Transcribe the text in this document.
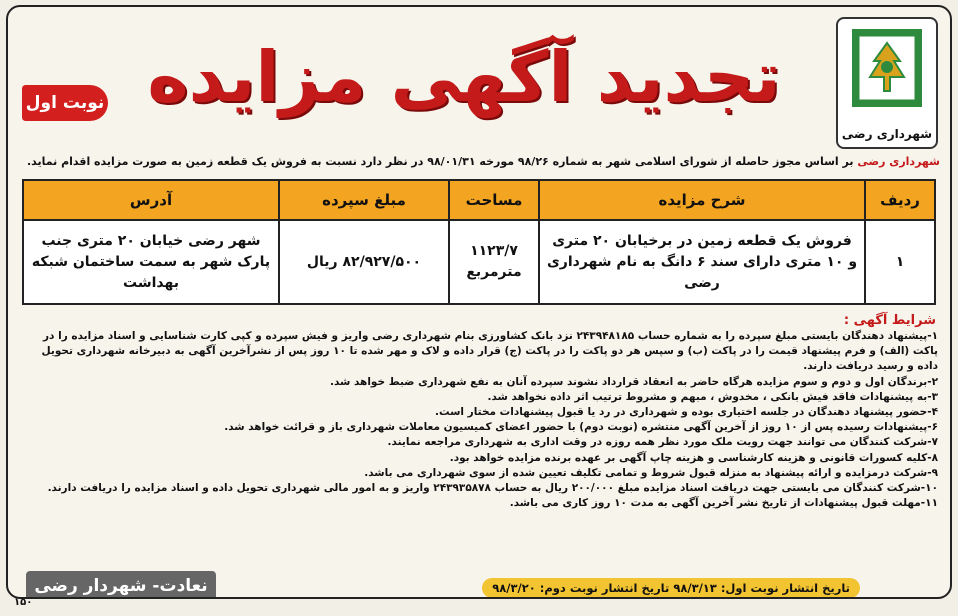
شهرداری رضی
تجدید آگهی مزایده
نوبت اول
شهرداری رضی بر اساس مجوز حاصله از شورای اسلامی شهر به شماره ۹۸/۲۶ مورخه ۹۸/۰۱/۳۱ در نظر دارد نسبت به فروش یک قطعه زمین به صورت مزایده اقدام نماید.
ردیف	شرح مزایده	مساحت	مبلغ سپرده	آدرس
۱	فروش یک قطعه زمین در برخیابان ۲۰ متری و ۱۰ متری دارای سند ۶ دانگ به نام شهرداری رضی	۱۱۲۳/۷ مترمربع	۸۲/۹۲۷/۵۰۰ ریال	شهر رضی خیابان ۲۰ متری جنب پارک شهر به سمت ساختمان شبکه بهداشت
شرایط آگهی :

۱-پیشنهاد دهندگان بایستی مبلغ سپرده را به شماره حساب ۲۴۳۹۴۸۱۸۵ نزد بانک کشاورزی بنام شهرداری رضی واریز و فیش سپرده و کپی کارت شناسایی و اسناد مزایده را در پاکت (الف) و فرم پیشنهاد قیمت را در پاکت (ب) و سپس هر دو پاکت را در پاکت (ج) قرار داده و لاک و مهر شده تا ۱۰ روز پس از نشرآخرین آگهی به دبیرخانه شهرداری تحویل داده و رسید دریافت دارند.

۲-برندگان اول و دوم و سوم مزایده هرگاه حاضر به انعقاد قرارداد نشوند سپرده آنان به نفع شهرداری ضبط خواهد شد.

۳-به پیشنهادات فاقد فیش بانکی ، مخدوش ، مبهم و مشروط ترتیب اثر داده نخواهد شد.

۴-حضور پیشنهاد دهندگان در جلسه اختیاری بوده و شهرداری در رد یا قبول پیشنهادات مختار است.

۶-پیشنهادات رسیده پس از ۱۰ روز از آخرین آگهی منتشره (نوبت دوم) با حضور اعضای کمیسیون معاملات شهرداری باز و قرائت خواهد شد.

۷-شرکت کنندگان می توانند جهت رویت ملک مورد نظر همه روزه در وقت اداری به شهرداری مراجعه نمایند.

۸-کلیه کسورات قانونی و هزینه کارشناسی و هزینه چاپ آگهی بر عهده برنده مزایده خواهد بود.

۹-شرکت درمزایده و ارائه پیشنهاد به منزله قبول شروط و تمامی تکلیف تعیین شده از سوی شهرداری می باشد.

۱۰-شرکت کنندگان می بایستی جهت دریافت اسناد مزایده مبلغ ۲۰۰/۰۰۰ ریال به حساب ۲۴۳۹۳۵۸۷۸ واریز و به امور مالی شهرداری تحویل داده و اسناد مزایده را دریافت دارند.

۱۱-مهلت قبول پیشنهادات از تاریخ نشر آخرین آگهی به مدت ۱۰ روز کاری می باشد.

تاریخ انتشار نوبت اول: ۹۸/۳/۱۳ تاریخ انتشار نوبت دوم: ۹۸/۳/۲۰
نعادت- شهردار رضی
۱۵۰
